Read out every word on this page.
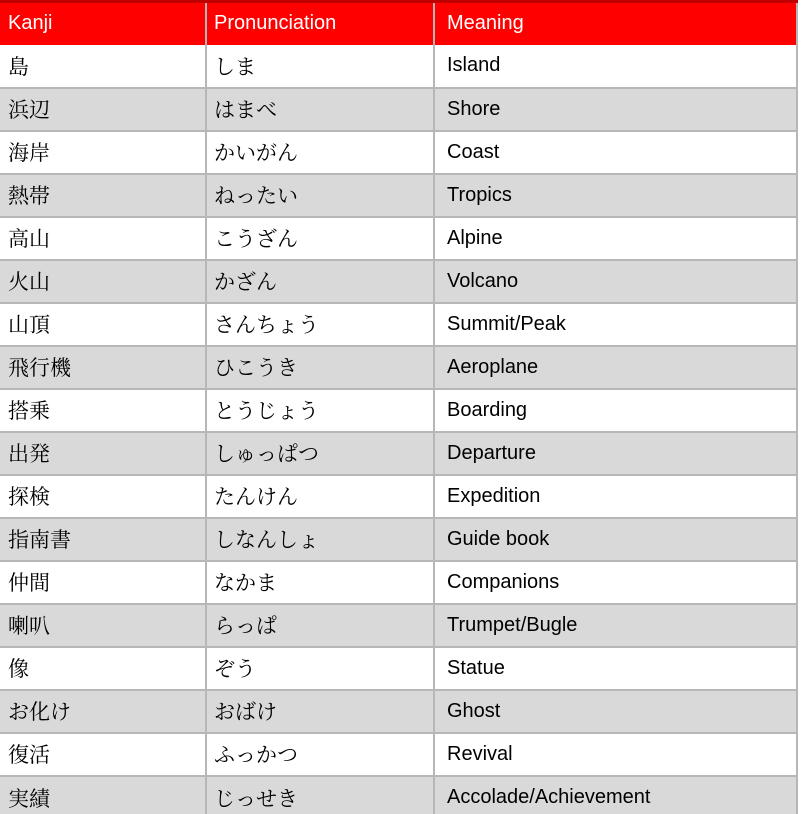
Kanji	Pronunciation	Meaning
島	しま	Island
浜辺	はまべ	Shore
海岸	かいがん	Coast
熱帯	ねったい	Tropics
高山	こうざん	Alpine
火山	かざん	Volcano
山頂	さんちょう	Summit/Peak
飛行機	ひこうき	Aeroplane
搭乗	とうじょう	Boarding
出発	しゅっぱつ	Departure
探検	たんけん	Expedition
指南書	しなんしょ	Guide book
仲間	なかま	Companions
喇叭	らっぱ	Trumpet/Bugle
像	ぞう	Statue
お化け	おばけ	Ghost
復活	ふっかつ	Revival
実績	じっせき	Accolade/Achievement
